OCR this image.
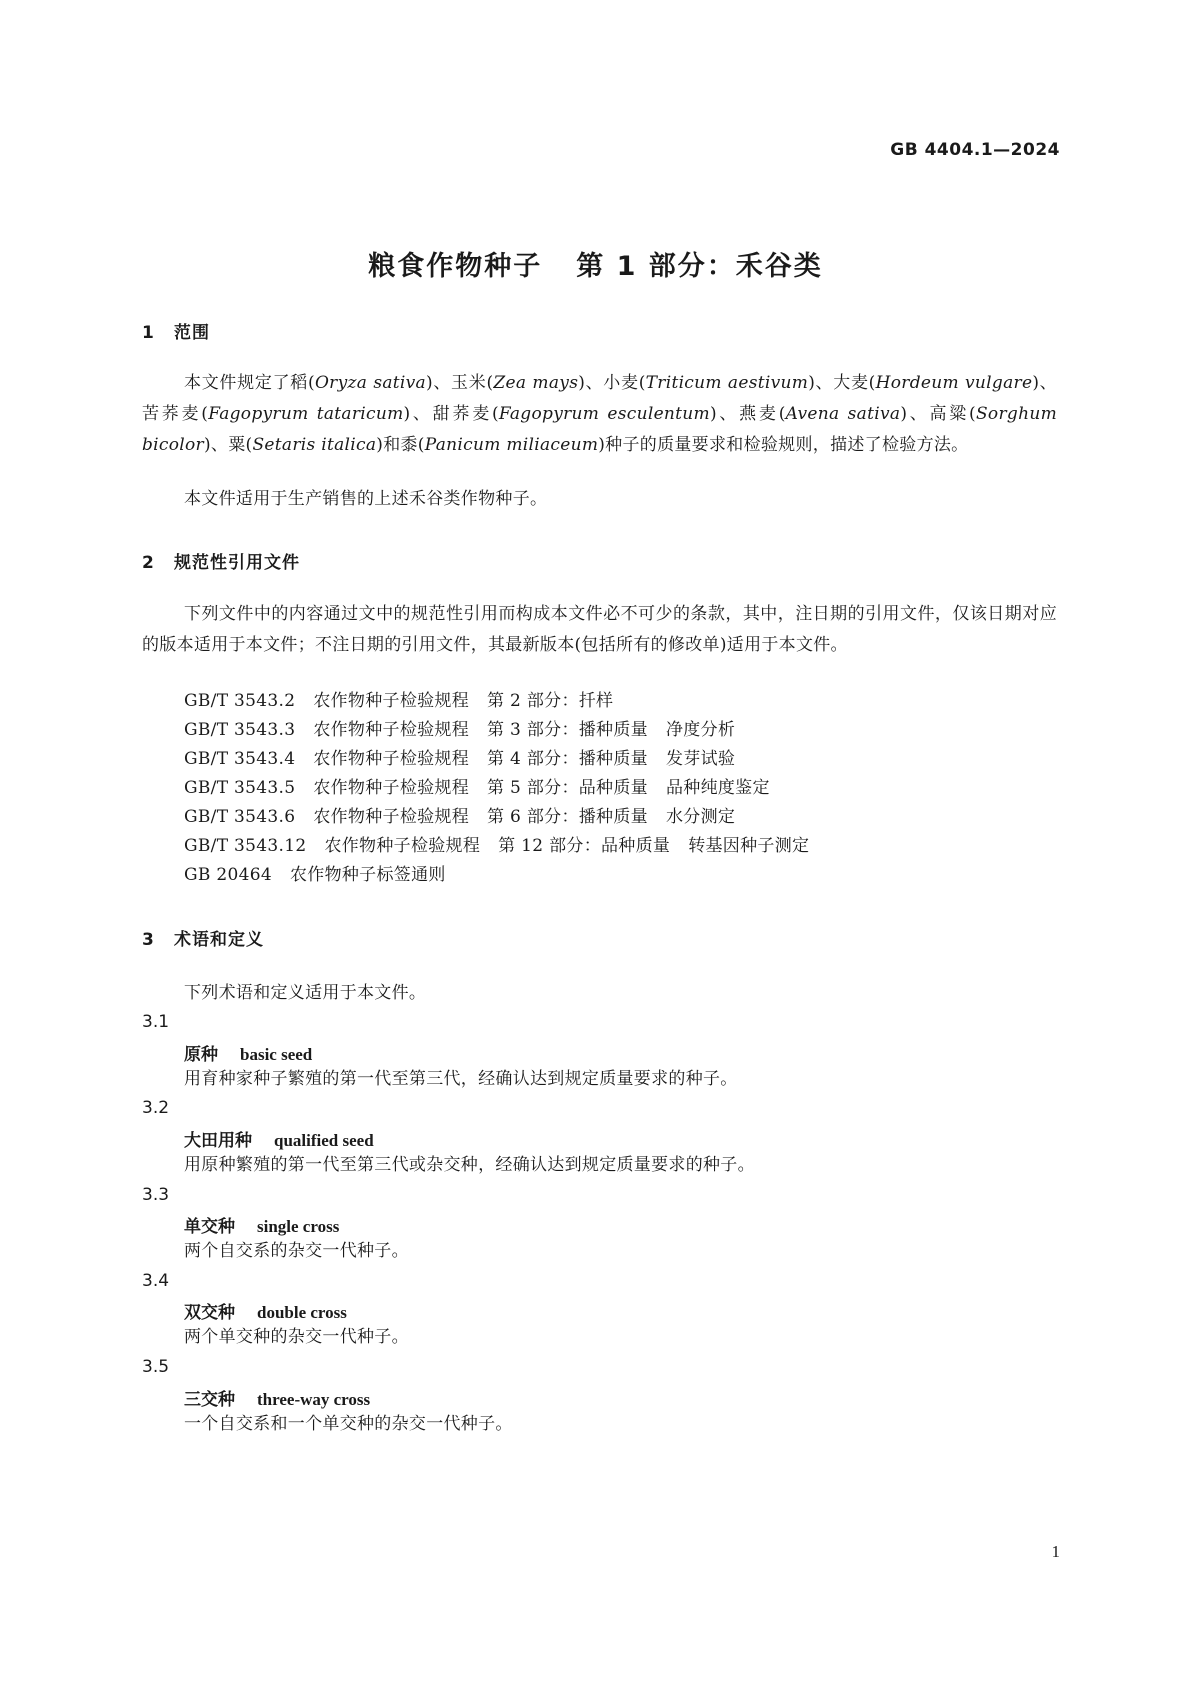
GB 4404.1—2024
粮食作物种子 第 1 部分：禾谷类
1 范围

本文件规定了稻(Oryza sativa)、玉米(Zea mays)、小麦(Triticum aestivum)、大麦(Hordeum vulgare)、苦荞麦(Fagopyrum tataricum)、甜荞麦(Fagopyrum esculentum)、燕麦(Avena sativa)、高粱(Sorghum bicolor)、粟(Setaris italica)和黍(Panicum miliaceum)种子的质量要求和检验规则，描述了检验方法。

本文件适用于生产销售的上述禾谷类作物种子。

2 规范性引用文件

下列文件中的内容通过文中的规范性引用而构成本文件必不可少的条款，其中，注日期的引用文件，仅该日期对应的版本适用于本文件；不注日期的引用文件，其最新版本(包括所有的修改单)适用于本文件。

GB/T 3543.2 农作物种子检验规程 第 2 部分：扦样
GB/T 3543.3 农作物种子检验规程 第 3 部分：播种质量 净度分析
GB/T 3543.4 农作物种子检验规程 第 4 部分：播种质量 发芽试验
GB/T 3543.5 农作物种子检验规程 第 5 部分：品种质量 品种纯度鉴定
GB/T 3543.6 农作物种子检验规程 第 6 部分：播种质量 水分测定
GB/T 3543.12 农作物种子检验规程 第 12 部分：品种质量 转基因种子测定
GB 20464 农作物种子标签通则
3 术语和定义
下列术语和定义适用于本文件。
3.1
原种 basic seed
用育种家种子繁殖的第一代至第三代，经确认达到规定质量要求的种子。
3.2
大田用种 qualified seed
用原种繁殖的第一代至第三代或杂交种，经确认达到规定质量要求的种子。
3.3
单交种 single cross
两个自交系的杂交一代种子。
3.4
双交种 double cross
两个单交种的杂交一代种子。
3.5
三交种 three-way cross
一个自交系和一个单交种的杂交一代种子。
1
